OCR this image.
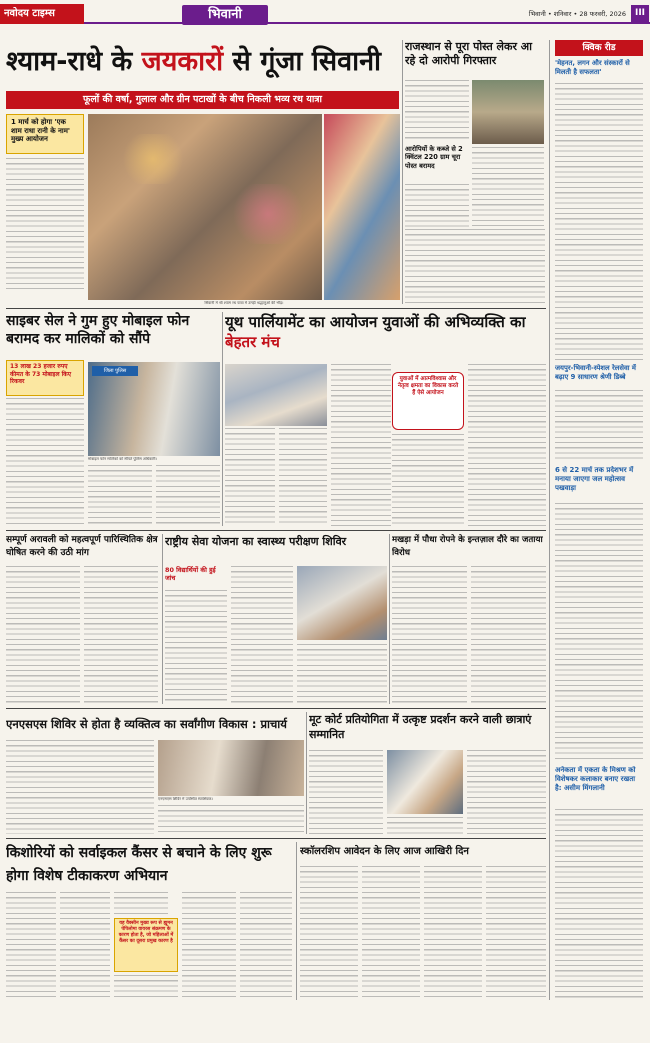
नवोदय टाइम्स	भिवानी	भिवानी • शनिवार • 28 फरवरी, 2026 III
श्याम-राधे के जयकारों से गूंजा सिवानी
फूलों की वर्षा, गुलाल और ग्रीन पटाखों के बीच निकली भव्य रथ यात्रा
1 मार्च को होगा 'एक शाम राधा रानी के नाम' मुख्य आयोजन
सिवानी में श्री श्याम रथ यात्रा में उमड़ी श्रद्धालुओं की भीड़।
राजस्थान से पूरा पोस्त लेकर आ रहे दो आरोपी गिरफ्तार
आरोपियों के कब्जे से 2 क्विंटल 220 ग्राम चूरा पोस्त बरामद
क्विक रीड
'मेहनत, लगन और संस्कारों से मिलती है सफलता'
जयपुर-भिवानी-स्पेशल रेलसेवा में बढ़ाए 9 साधारण श्रेणी डिब्बे
6 से 22 मार्च तक प्रदेशभर में मनाया जाएगा जल महोत्सव पखवाड़ा
अनेकता में एकता के मिश्रण को विशेषकर कलाकार बनाए रखता है: असीम मिंगलानी
साइबर सेल ने गुम हुए मोबाइल फोन बरामद कर मालिकों को सौंपे
13 लाख 23 हजार रुपए कीमत के 73 मोबाइल किए रिकवर
जिला पुलिस
मोबाइल फोन मालिकों को सौंपते पुलिस अधिकारी।
यूथ पार्लियामेंट का आयोजन युवाओं की अभिव्यक्ति का बेहतर मंच
युवाओं में आत्मविश्वास और नेतृत्व क्षमता का विकास करते हैं ऐसे आयोजन
सम्पूर्ण अरावली को महत्वपूर्ण पारिस्थितिक क्षेत्र घोषित करने की उठी मांग
राष्ट्रीय सेवा योजना का स्वास्थ्य परीक्षण शिविर
80 विद्यार्थियों की हुई जांच
मखड़ा में पौधा रोपने के इन्तज़ाल दौरे का जताया विरोध
एनएसएस शिविर से होता है व्यक्तित्व का सर्वांगीण विकास : प्राचार्य
एनएसएस शिविर में उपस्थित स्वयंसेवक।
मूट कोर्ट प्रतियोगिता में उत्कृष्ट प्रदर्शन करने वाली छात्राएं सम्मानित
किशोरियों को सर्वाइकल कैंसर से बचाने के लिए शुरू होगा विशेष टीकाकरण अभियान
यह वैक्सीन मुख्य रूप से ह्यूमन पेपिलोमा वायरस संक्रमण के कारण होता है, जो महिलाओं में कैंसर का दूसरा प्रमुख कारण है
स्कॉलरशिप आवेदन के लिए आज आखिरी दिन
